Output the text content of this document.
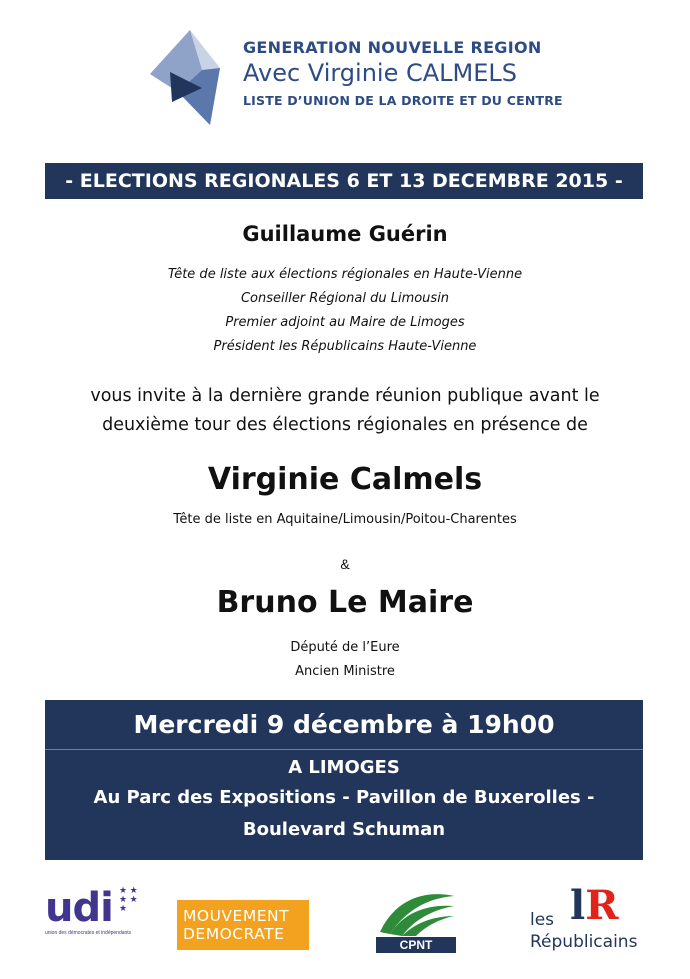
GENERATION NOUVELLE REGION
Avec Virginie CALMELS
LISTE D’UNION DE LA DROITE ET DU CENTRE
- ELECTIONS REGIONALES 6 ET 13 DECEMBRE 2015 -
Guillaume Guérin
Tête de liste aux élections régionales en Haute-Vienne
Conseiller Régional du Limousin
Premier adjoint au Maire de Limoges
Président les Républicains Haute-Vienne
vous invite à la dernière grande réunion publique avant le
deuxième tour des élections régionales en présence de
Virginie Calmels
Tête de liste en Aquitaine/Limousin/Poitou-Charentes
&
Bruno Le Maire
Député de l’Eure
Ancien Ministre
Mercredi 9 décembre à 19h00
A LIMOGES
Au Parc des Expositions - Pavillon de Buxerolles -
Boulevard Schuman
udi
union des démocrates et indépendants
★ ★ ★ ★ ★	MOUVEMENT
DEMOCRATE
CPNT
lR
les
Républicains
